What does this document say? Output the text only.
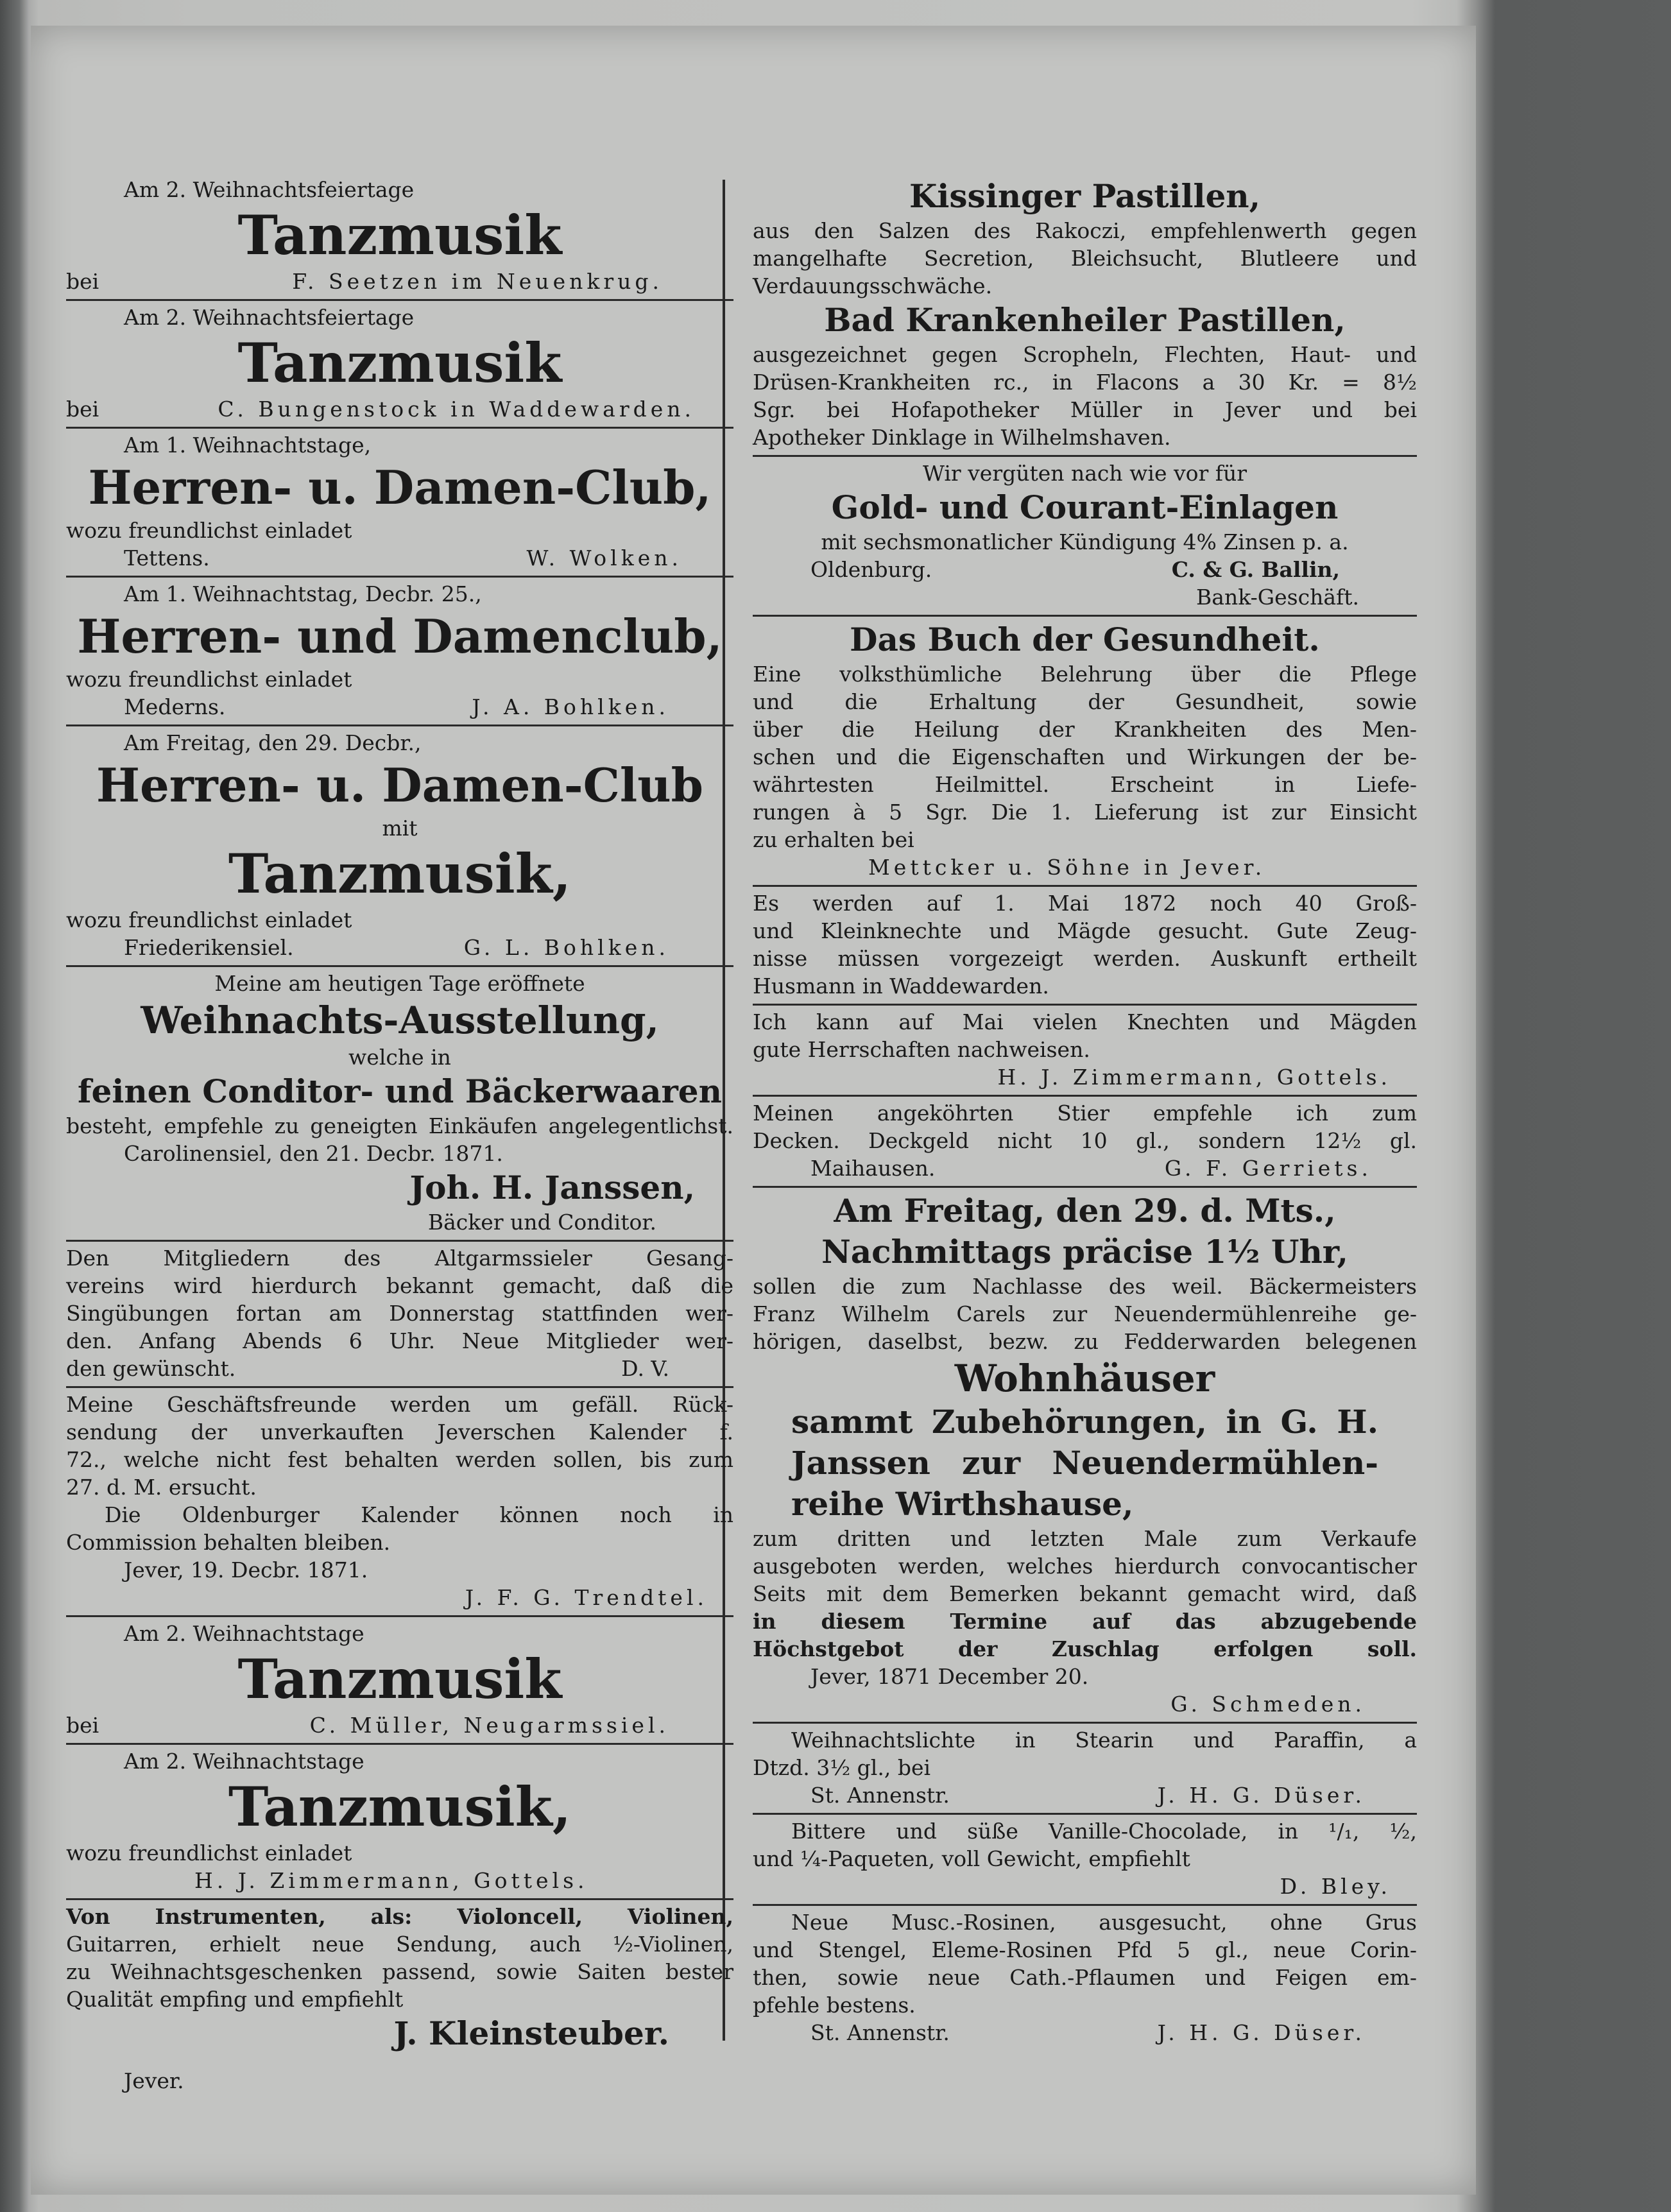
Am 2. Weihnachtsfeiertage
Tanzmusik
bei	F. Seetzen im Neuenkrug.
Am 2. Weihnachtsfeiertage
Tanzmusik
bei	C. Bungenstock in Waddewarden.
Am 1. Weihnachtstage,
Herren- u. Damen-Club,
wozu freundlichst einladet
Tettens.	W. Wolken.
Am 1. Weihnachtstag, Decbr. 25.,
Herren- und Damenclub,
wozu freundlichst einladet
Mederns.	J. A. Bohlken.
Am Freitag, den 29. Decbr.,
Herren- u. Damen-Club
mit
Tanzmusik,
wozu freundlichst einladet
Friederikensiel.	G. L. Bohlken.
Meine am heutigen Tage eröffnete
Weihnachts-Ausstellung,
welche in
feinen Conditor- und Bäckerwaaren
besteht, empfehle zu geneigten Einkäufen angelegentlichst.
Carolinensiel, den 21. Decbr. 1871.
Joh. H. Janssen,
Bäcker und Conditor.
Den Mitgliedern des Altgarmssieler Gesang-
vereins wird hierdurch bekannt gemacht, daß die
Singübungen fortan am Donnerstag stattfinden wer-
den. Anfang Abends 6 Uhr. Neue Mitglieder wer-
den gewünscht.	D. V.
Meine Geschäftsfreunde werden um gefäll. Rück-
sendung der unverkauften Jeverschen Kalender f.
72., welche nicht fest behalten werden sollen, bis zum
27. d. M. ersucht.
Die Oldenburger Kalender können noch in
Commission behalten bleiben.
Jever, 19. Decbr. 1871.
J. F. G. Trendtel.
Am 2. Weihnachtstage
Tanzmusik
bei	C. Müller, Neugarmssiel.
Am 2. Weihnachtstage
Tanzmusik,
wozu freundlichst einladet
H. J. Zimmermann, Gottels.
Von Instrumenten, als: Violoncell, Violinen,
Guitarren, erhielt neue Sendung, auch ½-Violinen,
zu Weihnachtsgeschenken passend, sowie Saiten bester
Qualität empfing und empfiehlt
J. Kleinsteuber.
Jever.
Kissinger Pastillen,
aus den Salzen des Rakoczi, empfehlenwerth gegen
mangelhafte Secretion, Bleichsucht, Blutleere und
Verdauungsschwäche.
Bad Krankenheiler Pastillen,
ausgezeichnet gegen Scropheln, Flechten, Haut- und
Drüsen-Krankheiten rc., in Flacons a 30 Kr. = 8½
Sgr. bei Hofapotheker Müller in Jever und bei
Apotheker Dinklage in Wilhelmshaven.
Wir vergüten nach wie vor für
Gold- und Courant-Einlagen
mit sechsmonatlicher Kündigung 4% Zinsen p. a.
Oldenburg.	C. & G. Ballin,
Bank-Geschäft.
Das Buch der Gesundheit.
Eine volksthümliche Belehrung über die Pflege
und die Erhaltung der Gesundheit, sowie
über die Heilung der Krankheiten des Men-
schen und die Eigenschaften und Wirkungen der be-
währtesten Heilmittel. Erscheint in Liefe-
rungen à 5 Sgr. Die 1. Lieferung ist zur Einsicht
zu erhalten bei
Mettcker u. Söhne in Jever.
Es werden auf 1. Mai 1872 noch 40 Groß-
und Kleinknechte und Mägde gesucht. Gute Zeug-
nisse müssen vorgezeigt werden. Auskunft ertheilt
Husmann in Waddewarden.
Ich kann auf Mai vielen Knechten und Mägden
gute Herrschaften nachweisen.
H. J. Zimmermann, Gottels.
Meinen angeköhrten Stier empfehle ich zum
Decken. Deckgeld nicht 10 gl., sondern 12½ gl.
Maihausen.	G. F. Gerriets.
Am Freitag, den 29. d. Mts.,
Nachmittags präcise 1½ Uhr,
sollen die zum Nachlasse des weil. Bäckermeisters
Franz Wilhelm Carels zur Neuendermühlenreihe ge-
hörigen, daselbst, bezw. zu Fedderwarden belegenen
Wohnhäuser
sammt Zubehörungen, in G. H.
Janssen zur Neuendermühlen-
reihe Wirthshause,
zum dritten und letzten Male zum Verkaufe
ausgeboten werden, welches hierdurch convocantischer
Seits mit dem Bemerken bekannt gemacht wird, daß
in diesem Termine auf das abzugebende
Höchstgebot der Zuschlag erfolgen soll.
Jever, 1871 December 20.
G. Schmeden.
Weihnachtslichte in Stearin und Paraffin, a
Dtzd. 3½ gl., bei
St. Annenstr.	J. H. G. Düser.
Bittere und süße Vanille-Chocolade, in ¹/₁, ½,
und ¼-Paqueten, voll Gewicht, empfiehlt
D. Bley.
Neue Musc.-Rosinen, ausgesucht, ohne Grus
und Stengel, Eleme-Rosinen Pfd 5 gl., neue Corin-
then, sowie neue Cath.-Pflaumen und Feigen em-
pfehle bestens.
St. Annenstr.	J. H. G. Düser.
